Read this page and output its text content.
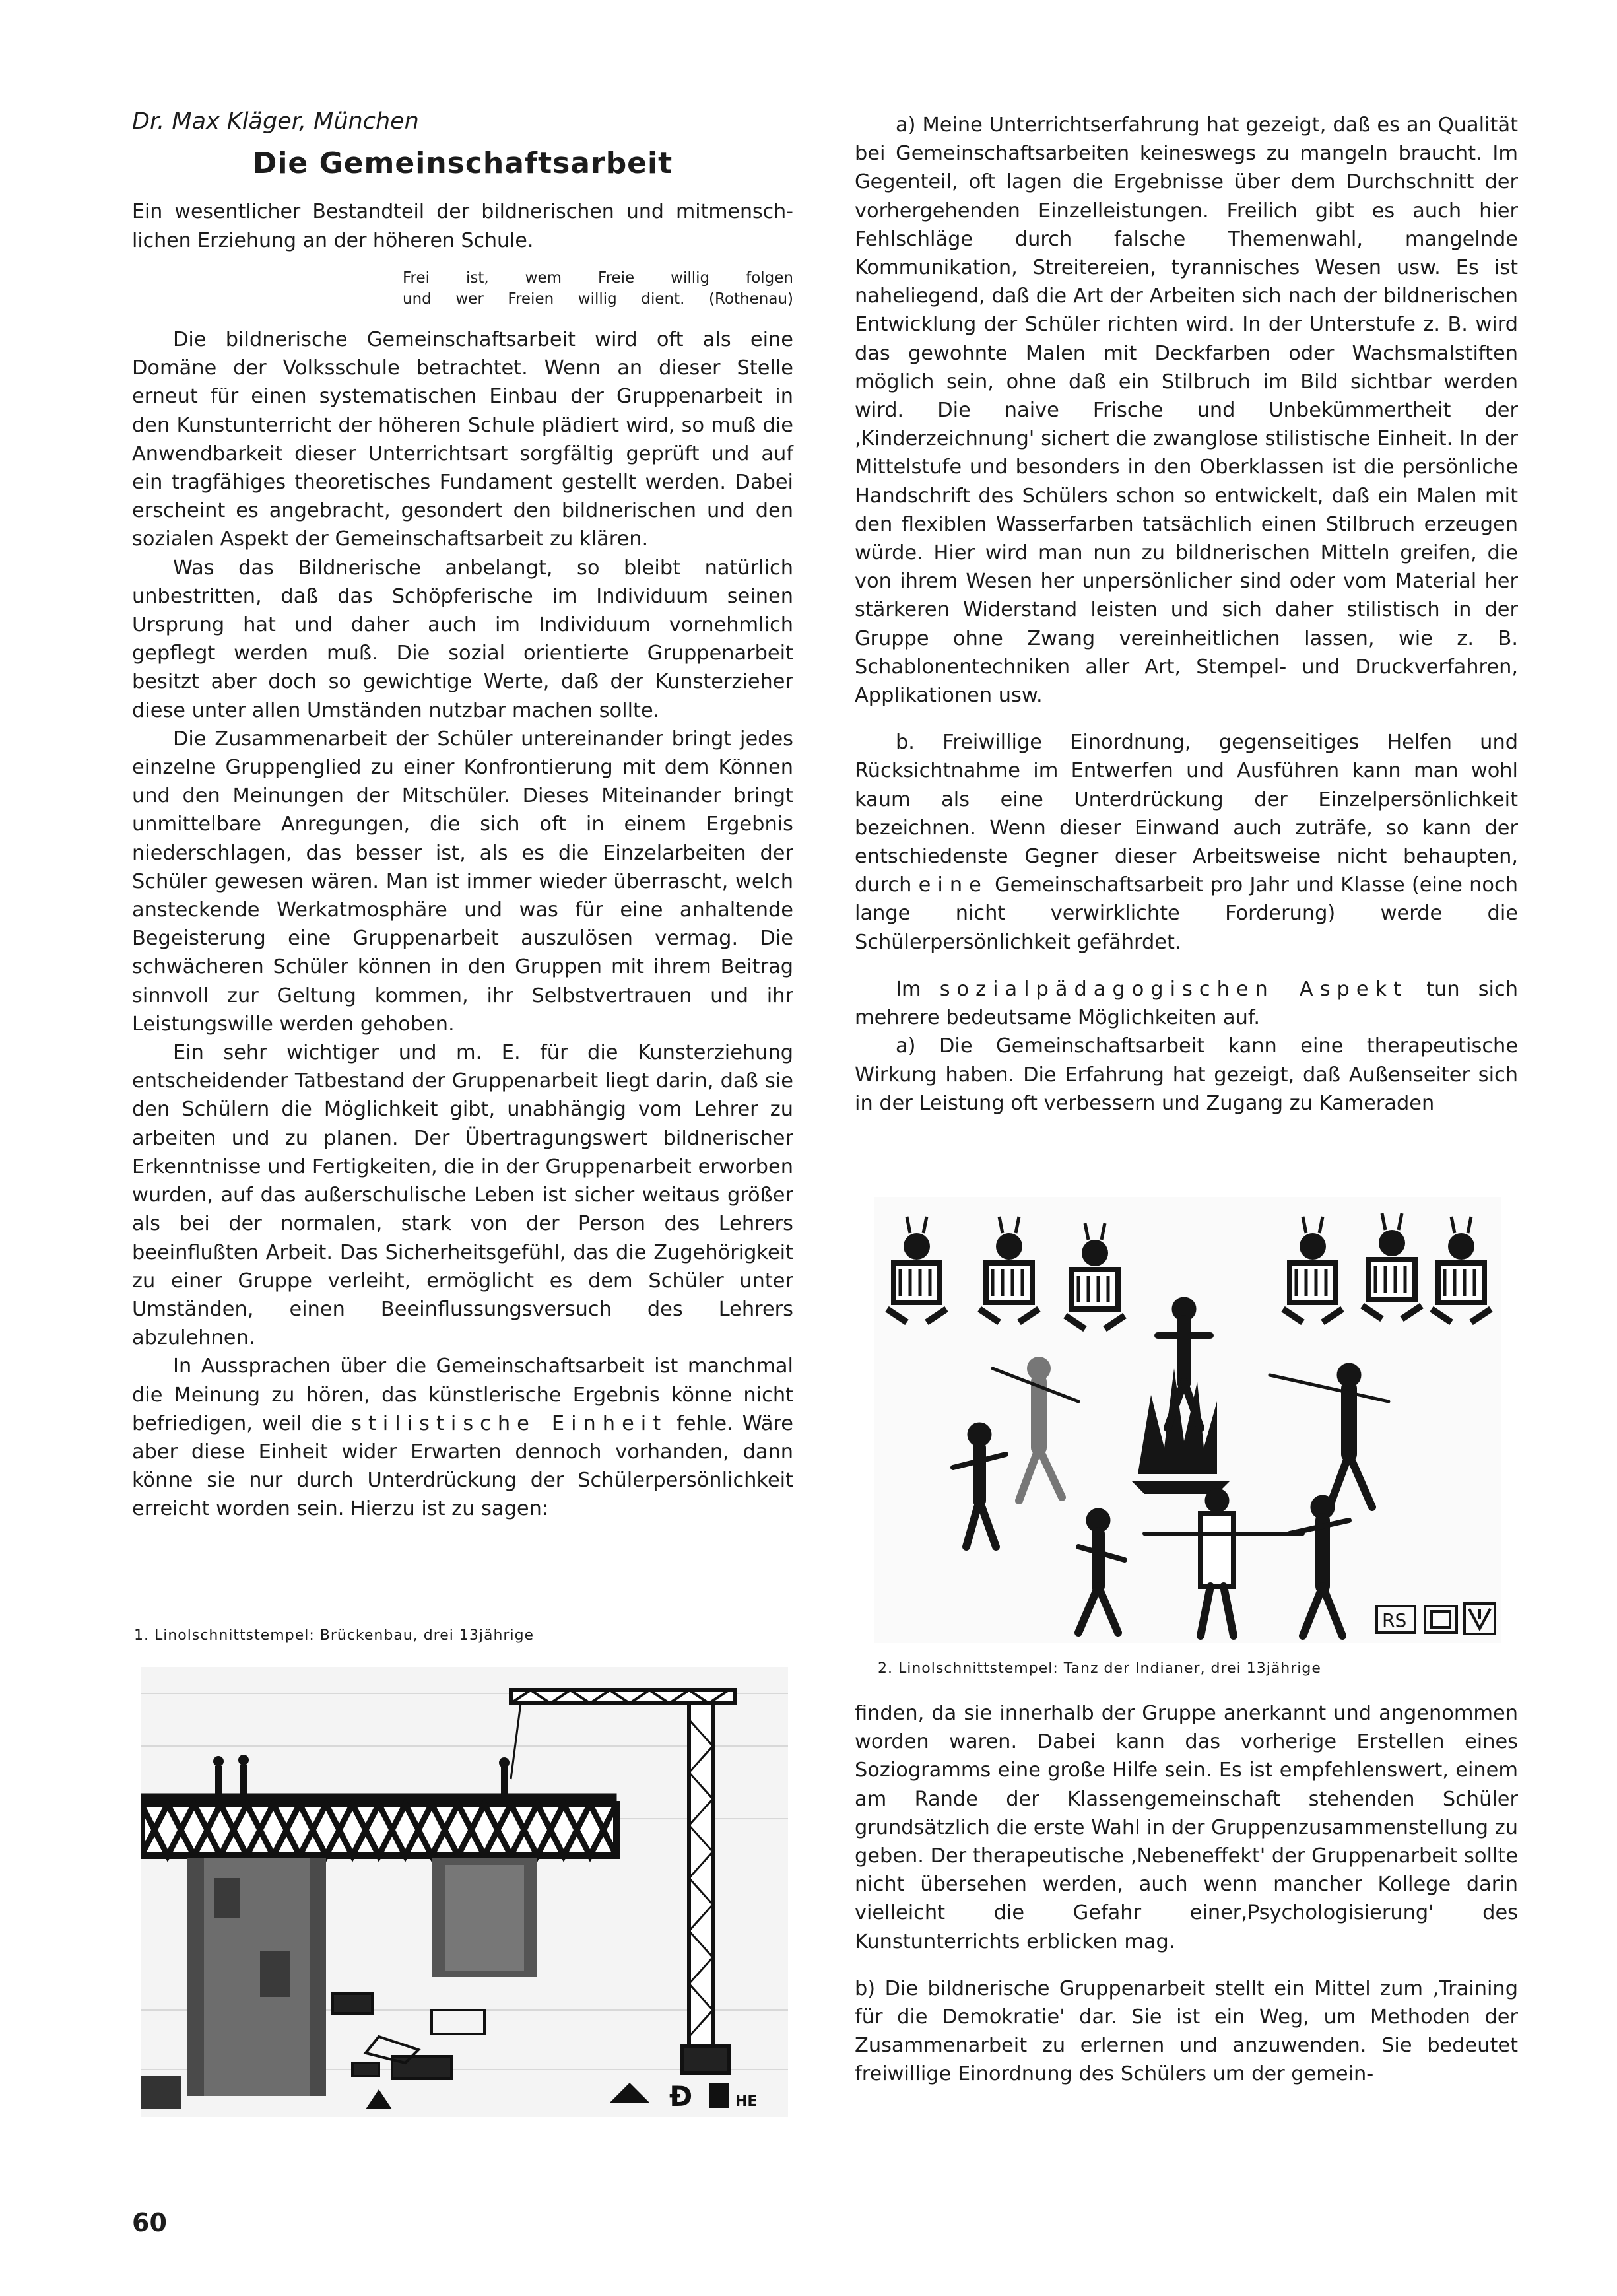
Dr. Max Kläger, München
Die Gemeinschaftsarbeit
Ein wesentlicher Bestandteil der bildnerischen und mitmensch-lichen Erziehung an der höheren Schule.
Frei ist, wem Freie willig folgen
und wer Freien willig dient. (Rothenau)

Die bildnerische Gemeinschaftsarbeit wird oft als eine Domäne der Volksschule betrachtet. Wenn an dieser Stelle erneut für einen systematischen Einbau der Gruppenarbeit in den Kunstunterricht der höheren Schule plädiert wird, so muß die Anwendbarkeit dieser Unterrichtsart sorgfältig geprüft und auf ein tragfähiges theoretisches Fundament gestellt werden. Dabei erscheint es angebracht, gesondert den bildnerischen und den sozialen Aspekt der Gemeinschaftsarbeit zu klären.

Was das Bildnerische anbelangt, so bleibt natürlich unbestritten, daß das Schöpferische im Individuum seinen Ursprung hat und daher auch im Individuum vornehmlich gepflegt werden muß. Die sozial orientierte Gruppenarbeit besitzt aber doch so gewichtige Werte, daß der Kunsterzieher diese unter allen Umständen nutzbar machen sollte.

Die Zusammenarbeit der Schüler untereinander bringt jedes einzelne Gruppenglied zu einer Konfrontierung mit dem Können und den Meinungen der Mitschüler. Dieses Miteinander bringt unmittelbare Anregungen, die sich oft in einem Ergebnis niederschlagen, das besser ist, als es die Einzelarbeiten der Schüler gewesen wären. Man ist immer wieder überrascht, welch ansteckende Werkatmosphäre und was für eine anhaltende Begeisterung eine Gruppenarbeit auszulösen vermag. Die schwächeren Schüler können in den Gruppen mit ihrem Beitrag sinnvoll zur Geltung kommen, ihr Selbstvertrauen und ihr Leistungswille werden gehoben.

Ein sehr wichtiger und m. E. für die Kunsterziehung entscheidender Tatbestand der Gruppenarbeit liegt darin, daß sie den Schülern die Möglichkeit gibt, unabhängig vom Lehrer zu arbeiten und zu planen. Der Übertragungswert bildnerischer Erkenntnisse und Fertigkeiten, die in der Gruppenarbeit erworben wurden, auf das außerschulische Leben ist sicher weitaus größer als bei der normalen, stark von der Person des Lehrers beeinflußten Arbeit. Das Sicherheitsgefühl, das die Zugehörigkeit zu einer Gruppe verleiht, ermöglicht es dem Schüler unter Umständen, einen Beeinflussungsversuch des Lehrers abzulehnen.

In Aussprachen über die Gemeinschaftsarbeit ist manchmal die Meinung zu hören, das künstlerische Ergebnis könne nicht befriedigen, weil die stilistische Einheit fehle. Wäre aber diese Einheit wider Erwarten dennoch vorhanden, dann könne sie nur durch Unterdrückung der Schülerpersönlichkeit erreicht worden sein. Hierzu ist zu sagen:

1. Linolschnittstempel: Brückenbau, drei 13jährige
Đ	HE

a) Meine Unterrichtserfahrung hat gezeigt, daß es an Qualität bei Gemeinschaftsarbeiten keineswegs zu mangeln braucht. Im Gegenteil, oft lagen die Ergebnisse über dem Durchschnitt der vorhergehenden Einzelleistungen. Freilich gibt es auch hier Fehlschläge durch falsche Themenwahl, mangelnde Kommunikation, Streitereien, tyrannisches Wesen usw. Es ist naheliegend, daß die Art der Arbeiten sich nach der bildnerischen Entwicklung der Schüler richten wird. In der Unterstufe z. B. wird das gewohnte Malen mit Deckfarben oder Wachsmalstiften möglich sein, ohne daß ein Stilbruch im Bild sichtbar werden wird. Die naive Frische und Unbekümmertheit der ‚Kinderzeichnung' sichert die zwanglose stilistische Einheit. In der Mittelstufe und besonders in den Oberklassen ist die persönliche Handschrift des Schülers schon so entwickelt, daß ein Malen mit den flexiblen Wasserfarben tatsächlich einen Stilbruch erzeugen würde. Hier wird man nun zu bildnerischen Mitteln greifen, die von ihrem Wesen her unpersönlicher sind oder vom Material her stärkeren Widerstand leisten und sich daher stilistisch in der Gruppe ohne Zwang vereinheitlichen lassen, wie z. B. Schablonentechniken aller Art, Stempel- und Druckverfahren, Applikationen usw.

b. Freiwillige Einordnung, gegenseitiges Helfen und Rücksichtnahme im Entwerfen und Ausführen kann man wohl kaum als eine Unterdrückung der Einzelpersönlichkeit bezeichnen. Wenn dieser Einwand auch zuträfe, so kann der entschiedenste Gegner dieser Arbeitsweise nicht behaupten, durch eine Gemeinschaftsarbeit pro Jahr und Klasse (eine noch lange nicht verwirklichte Forderung) werde die Schülerpersönlichkeit gefährdet.

Im sozialpädagogischen Aspekt tun sich mehrere bedeutsame Möglichkeiten auf.

a) Die Gemeinschaftsarbeit kann eine therapeutische Wirkung haben. Die Erfahrung hat gezeigt, daß Außenseiter sich in der Leistung oft verbessern und Zugang zu Kameraden

RS
2. Linolschnittstempel: Tanz der Indianer, drei 13jährige

finden, da sie innerhalb der Gruppe anerkannt und angenommen worden waren. Dabei kann das vorherige Erstellen eines Soziogramms eine große Hilfe sein. Es ist empfehlenswert, einem am Rande der Klassengemeinschaft stehenden Schüler grundsätzlich die erste Wahl in der Gruppenzusammenstellung zu geben. Der therapeutische ‚Nebeneffekt' der Gruppenarbeit sollte nicht übersehen werden, auch wenn mancher Kollege darin vielleicht die Gefahr einer‚Psychologisierung' des Kunstunterrichts erblicken mag.

b) Die bildnerische Gruppenarbeit stellt ein Mittel zum ‚Training für die Demokratie' dar. Sie ist ein Weg, um Methoden der Zusammenarbeit zu erlernen und anzuwenden. Sie bedeutet freiwillige Einordnung des Schülers um der gemein-

60
